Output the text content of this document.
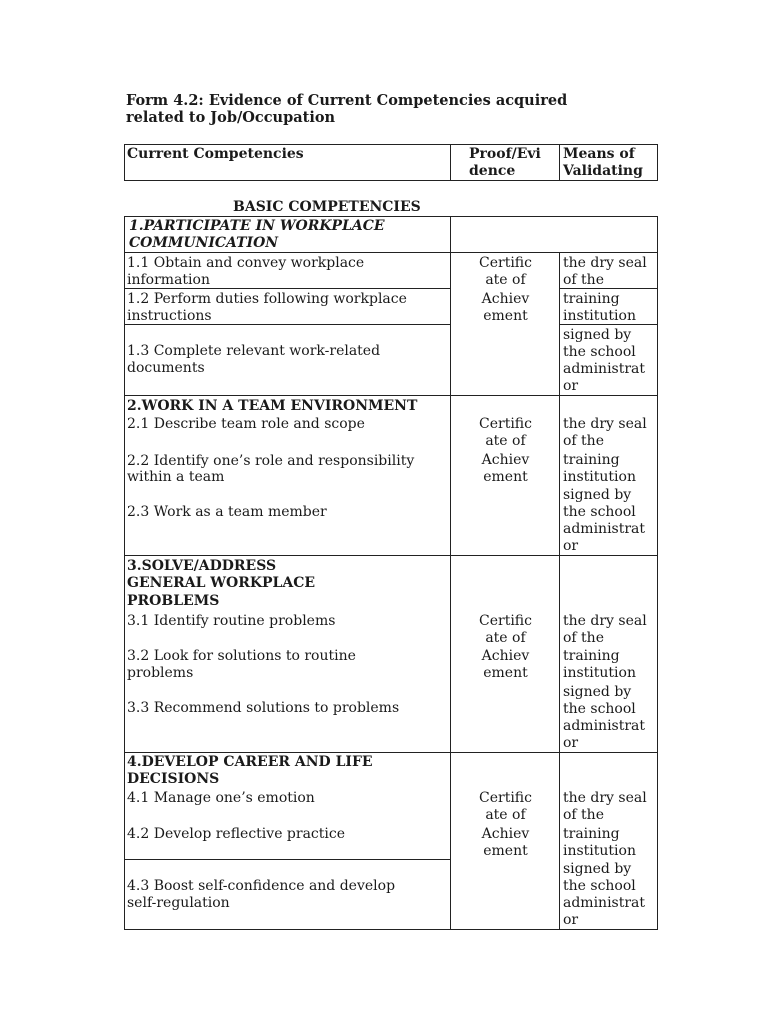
Form 4.2: Evidence of Current Competencies acquired
related to Job/Occupation
Current Competencies	Proof/Evi
dence
Means of
Validating
BASIC COMPETENCIES
1.PARTICIPATE IN WORKPLACE
COMMUNICATION
1.1 Obtain and convey workplace
information
1.2 Perform duties following workplace
instructions
1.3 Complete relevant work-related
documents
Certific
ate of
Achiev
ement
the dry seal
of the
training
institution
signed by
the school
administrat
or
2.WORK IN A TEAM ENVIRONMENT
2.1 Describe team role and scope
2.2 Identify one’s role and responsibility
within a team
2.3 Work as a team member
Certific
ate of
Achiev
ement
the dry seal
of the
training
institution
signed by
the school
administrat
or
3.SOLVE/ADDRESS
GENERAL WORKPLACE
PROBLEMS
3.1 Identify routine problems
3.2 Look for solutions to routine
problems
3.3 Recommend solutions to problems
Certific
ate of
Achiev
ement
the dry seal
of the
training
institution
signed by
the school
administrat
or
4.DEVELOP CAREER AND LIFE
DECISIONS
4.1 Manage one’s emotion
4.2 Develop reflective practice
4.3 Boost self-confidence and develop
self-regulation
Certific
ate of
Achiev
ement
the dry seal
of the
training
institution
signed by
the school
administrat
or
